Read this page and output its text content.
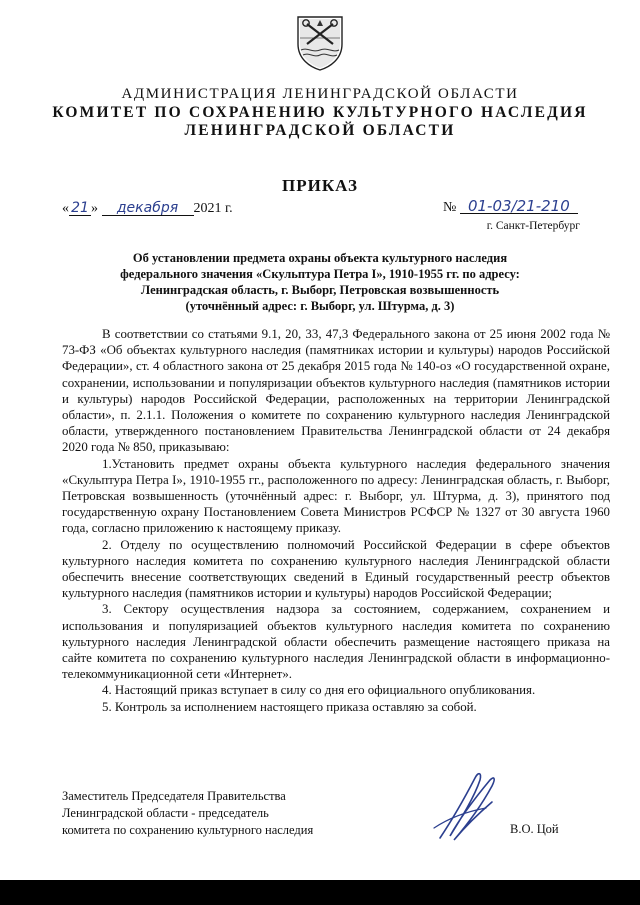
АДМИНИСТРАЦИЯ ЛЕНИНГРАДСКОЙ ОБЛАСТИ
КОМИТЕТ ПО СОХРАНЕНИЮ КУЛЬТУРНОГО НАСЛЕДИЯ
ЛЕНИНГРАДСКОЙ ОБЛАСТИ
ПРИКАЗ
« 21 » декабря 2021 г.	№ 01-03/21-210
г. Санкт-Петербург
Об установлении предмета охраны объекта культурного наследия
федерального значения «Скульптура Петра I», 1910-1955 гг. по адресу:
Ленинградская область, г. Выборг, Петровская возвышенность
(уточнённый адрес: г. Выборг, ул. Штурма, д. 3)

В соответствии со статьями 9.1, 20, 33, 47,3 Федерального закона от 25 июня 2002 года № 73-ФЗ «Об объектах культурного наследия (памятниках истории и культуры) народов Российской Федерации», ст. 4 областного закона от 25 декабря 2015 года № 140-оз «О государственной охране, сохранении, использовании и популяризации объектов культурного наследия (памятников истории и культуры) народов Российской Федерации, расположенных на территории Ленинградской области», п. 2.1.1. Положения о комитете по сохранению культурного наследия Ленинградской области, утвержденного постановлением Правительства Ленинградской области от 24 декабря 2020 года № 850, приказываю:

1.Установить предмет охраны объекта культурного наследия федерального значения «Скульптура Петра I», 1910-1955 гг., расположенного по адресу: Ленинградская область, г. Выборг, Петровская возвышенность (уточнённый адрес: г. Выборг, ул. Штурма, д. 3), принятого под государственную охрану Постановлением Совета Министров РСФСР № 1327 от 30 августа 1960 года, согласно приложению к настоящему приказу.

2. Отделу по осуществлению полномочий Российской Федерации в сфере объектов культурного наследия комитета по сохранению культурного наследия Ленинградской области обеспечить внесение соответствующих сведений в Единый государственный реестр объектов культурного наследия (памятников истории и культуры) народов Российской Федерации;

3. Сектору осуществления надзора за состоянием, содержанием, сохранением и использования и популяризацией объектов культурного наследия комитета по сохранению культурного наследия Ленинградской области обеспечить размещение настоящего приказа на сайте комитета по сохранению культурного наследия Ленинградской области в информационно-телекоммуникационной сети «Интернет».

4. Настоящий приказ вступает в силу со дня его официального опубликования.

5. Контроль за исполнением настоящего приказа оставляю за собой.

Заместитель Председателя Правительства
Ленинградской области - председатель
комитета по сохранению культурного наследия	В.О. Цой
